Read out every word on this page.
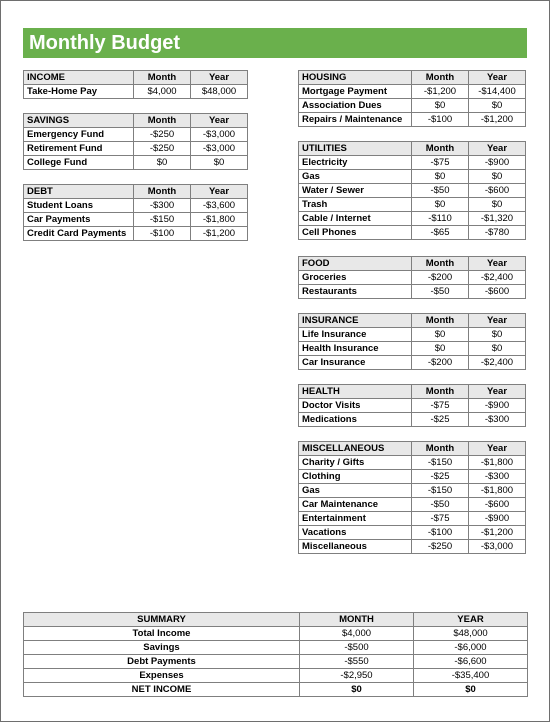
Monthly Budget
INCOME	Month	Year
Take-Home Pay	$4,000	$48,000
SAVINGS	Month	Year
Emergency Fund	-$250	-$3,000
Retirement Fund	-$250	-$3,000
College Fund	$0	$0
DEBT	Month	Year
Student Loans	-$300	-$3,600
Car Payments	-$150	-$1,800
Credit Card Payments	-$100	-$1,200
HOUSING	Month	Year
Mortgage Payment	-$1,200	-$14,400
Association Dues	$0	$0
Repairs / Maintenance	-$100	-$1,200
UTILITIES	Month	Year
Electricity	-$75	-$900
Gas	$0	$0
Water / Sewer	-$50	-$600
Trash	$0	$0
Cable / Internet	-$110	-$1,320
Cell Phones	-$65	-$780
FOOD	Month	Year
Groceries	-$200	-$2,400
Restaurants	-$50	-$600
INSURANCE	Month	Year
Life Insurance	$0	$0
Health Insurance	$0	$0
Car Insurance	-$200	-$2,400
HEALTH	Month	Year
Doctor Visits	-$75	-$900
Medications	-$25	-$300
MISCELLANEOUS	Month	Year
Charity / Gifts	-$150	-$1,800
Clothing	-$25	-$300
Gas	-$150	-$1,800
Car Maintenance	-$50	-$600
Entertainment	-$75	-$900
Vacations	-$100	-$1,200
Miscellaneous	-$250	-$3,000
SUMMARY	MONTH	YEAR
Total Income	$4,000	$48,000
Savings	-$500	-$6,000
Debt Payments	-$550	-$6,600
Expenses	-$2,950	-$35,400
NET INCOME	$0	$0
